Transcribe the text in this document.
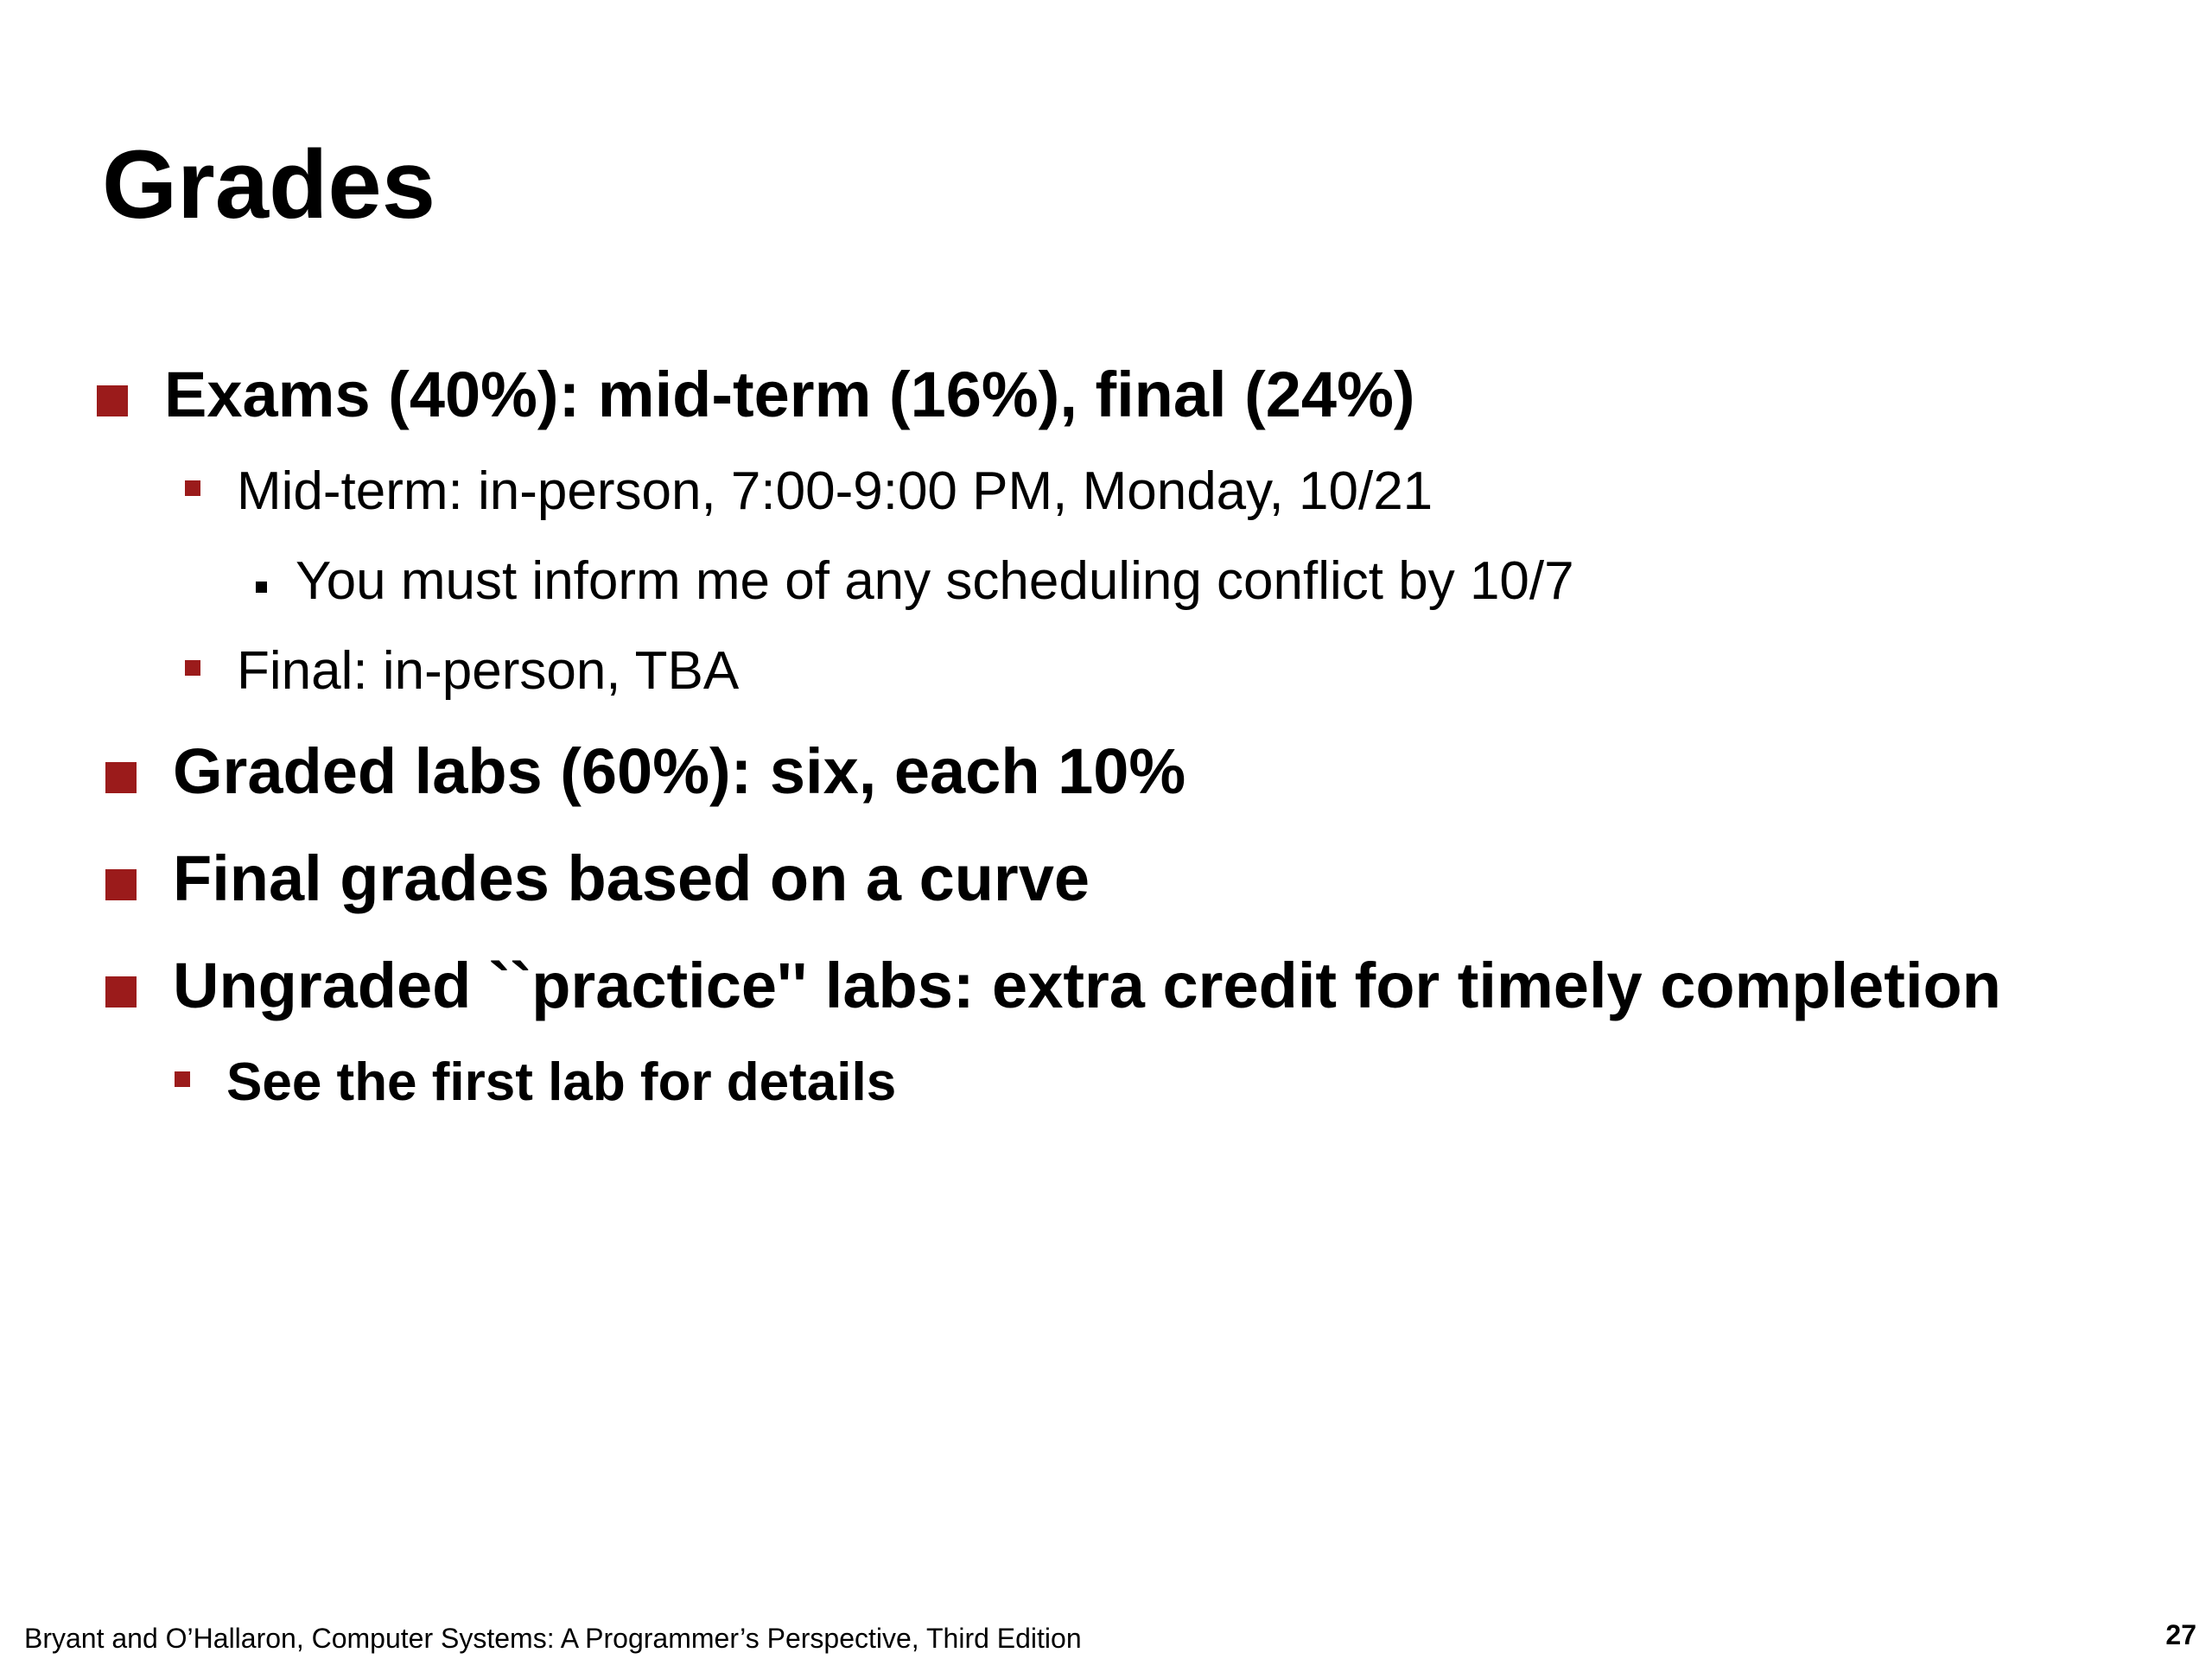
Grades
Exams (40%): mid-term (16%), final (24%)
Mid-term: in-person, 7:00-9:00 PM, Monday, 10/21
You must inform me of any scheduling conflict by 10/7
Final: in-person, TBA
Graded labs (60%): six, each 10%
Final grades based on a curve
Ungraded ``practice'' labs: extra credit for timely completion
See the first lab for details
Bryant and O’Hallaron, Computer Systems: A Programmer’s Perspective, Third Edition	27
